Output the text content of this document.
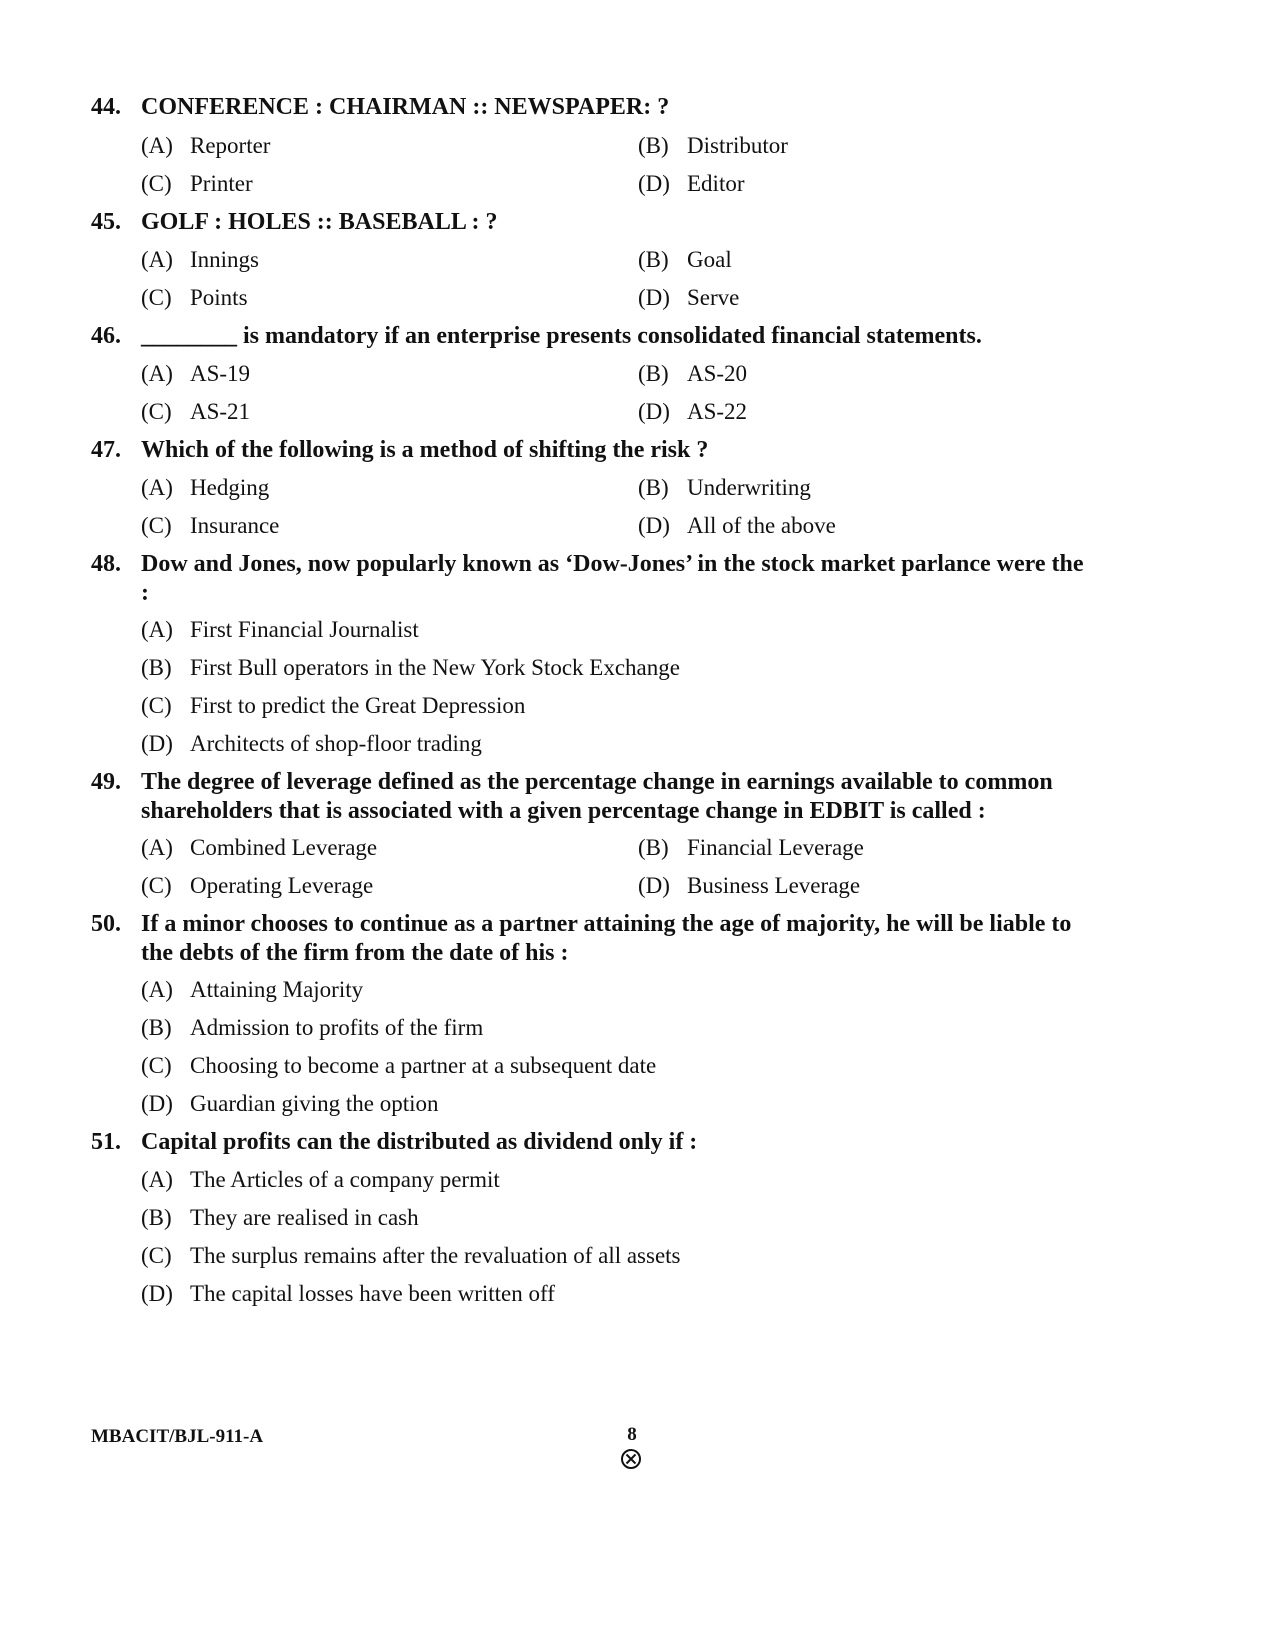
44. CONFERENCE : CHAIRMAN :: NEWSPAPER: ?
(A) Reporter	(B) Distributor
(C) Printer	(D) Editor
45. GOLF : HOLES :: BASEBALL : ?
(A) Innings	(B) Goal
(C) Points	(D) Serve
46. ________ is mandatory if an enterprise presents consolidated financial statements.
(A) AS-19	(B) AS-20
(C) AS-21	(D) AS-22
47. Which of the following is a method of shifting the risk ?
(A) Hedging	(B) Underwriting
(C) Insurance	(D) All of the above
48. Dow and Jones, now popularly known as ‘Dow-Jones’ in the stock market parlance were the :
(A) First Financial Journalist
(B) First Bull operators in the New York Stock Exchange
(C) First to predict the Great Depression
(D) Architects of shop-floor trading
49. The degree of leverage defined as the percentage change in earnings available to common shareholders that is associated with a given percentage change in EDBIT is called :
(A) Combined Leverage	(B) Financial Leverage
(C) Operating Leverage	(D) Business Leverage
50. If a minor chooses to continue as a partner attaining the age of majority, he will be liable to the debts of the firm from the date of his :
(A) Attaining Majority
(B) Admission to profits of the firm
(C) Choosing to become a partner at a subsequent date
(D) Guardian giving the option
51. Capital profits can the distributed as dividend only if :
(A) The Articles of a company permit
(B) They are realised in cash
(C) The surplus remains after the revaluation of all assets
(D) The capital losses have been written off
MBACIT/BJL-911-A	8
